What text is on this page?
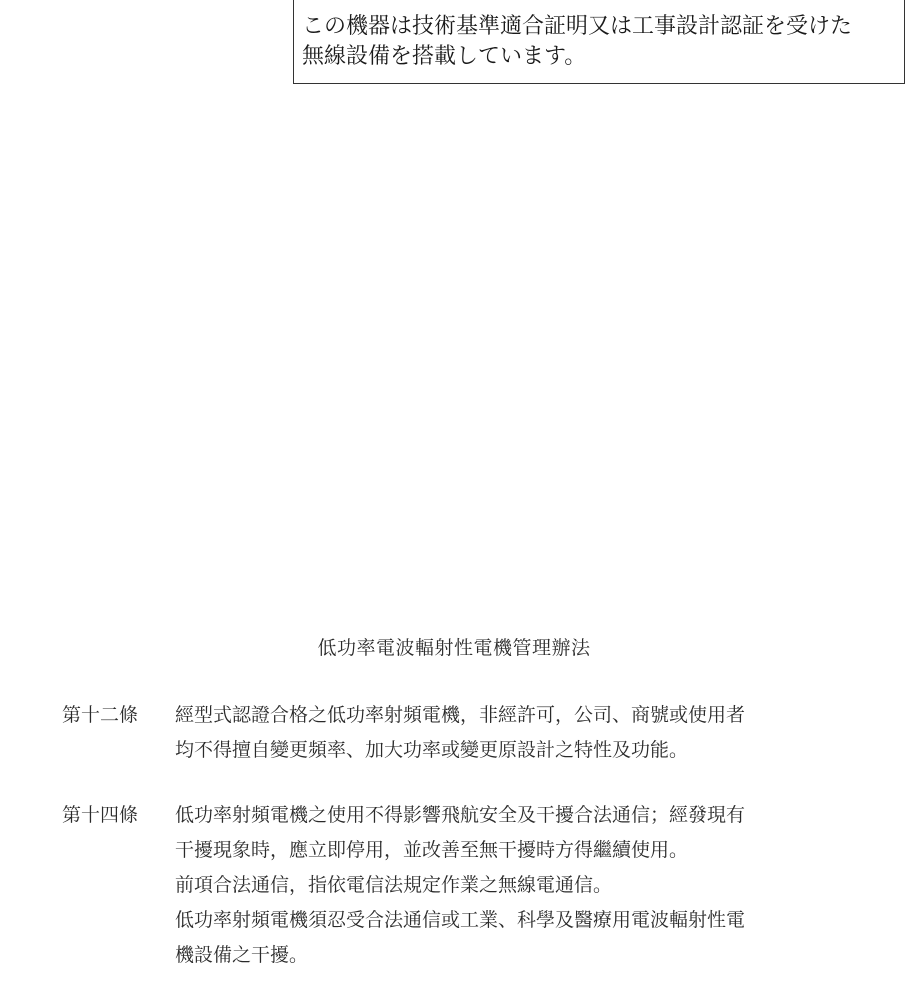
この機器は技術基準適合証明又は工事設計認証を受けた
無線設備を搭載しています。
低功率電波輻射性電機管理辦法
第十二條	經型式認證合格之低功率射頻電機，非經許可，公司、商號或使用者
均不得擅自變更頻率、加大功率或變更原設計之特性及功能。
第十四條	低功率射頻電機之使用不得影響飛航安全及干擾合法通信；經發現有
干擾現象時，應立即停用，並改善至無干擾時方得繼續使用。
前項合法通信，指依電信法規定作業之無線電通信。
低功率射頻電機須忍受合法通信或工業、科學及醫療用電波輻射性電
機設備之干擾。
